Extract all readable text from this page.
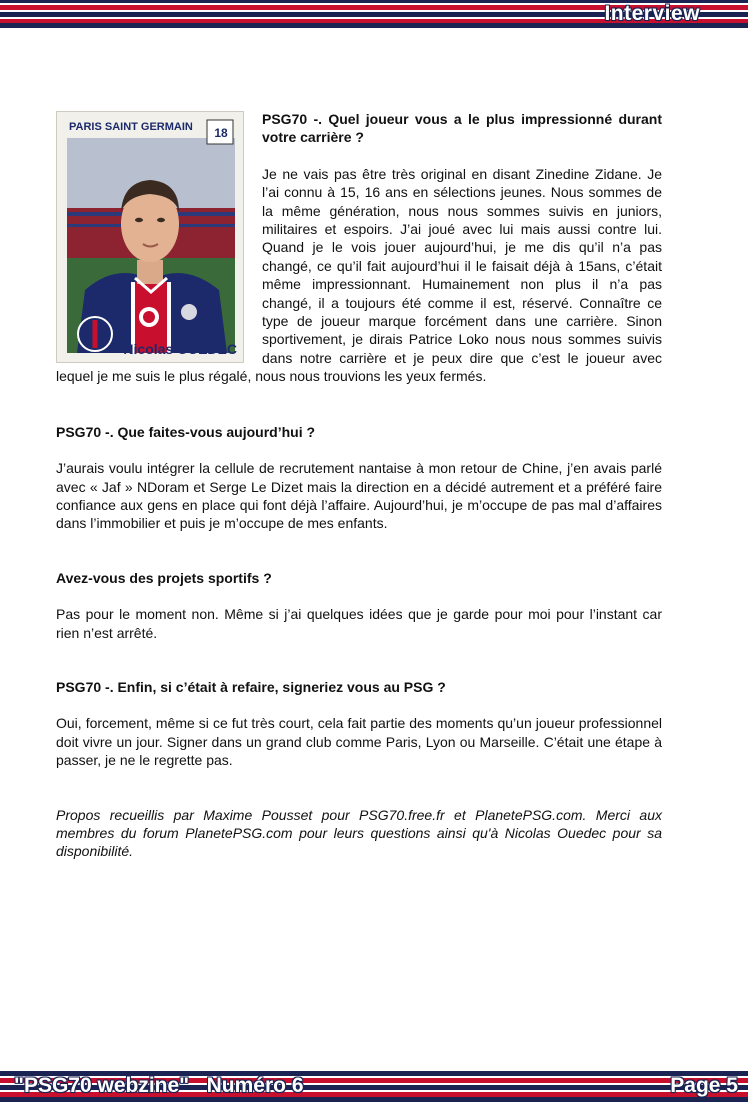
Interview
PARIS SAINT GERMAIN	18
Nicolas OUEDEC

PSG70 -. Quel joueur vous a le plus impressionné durant votre carrière ?

Je ne vais pas être très original en disant Zinedine Zidane. Je l’ai connu à 15, 16 ans en sélections jeunes. Nous sommes de la même génération, nous nous sommes suivis en juniors, militaires et espoirs. J’ai joué avec lui mais aussi contre lui. Quand je le vois jouer aujourd’hui, je me dis qu’il n’a pas changé, ce qu’il fait aujourd’hui il le faisait déjà à 15ans, c’était même impressionnant. Humainement non plus il n’a pas changé, il a toujours été comme il est, réservé. Connaître ce type de joueur marque forcément dans une carrière. Sinon sportivement, je dirais Patrice Loko nous nous sommes suivis dans notre carrière et je peux dire que c’est le joueur avec lequel je me suis le plus régalé, nous nous trouvions les yeux fermés.

PSG70 -. Que faites-vous aujourd’hui ?

J’aurais voulu intégrer la cellule de recrutement nantaise à mon retour de Chine, j’en avais parlé avec « Jaf » NDoram et Serge Le Dizet mais la direction en a décidé autrement et a préféré faire confiance aux gens en place qui font déjà l’affaire. Aujourd’hui, je m’occupe de pas mal d’affaires dans l’immobilier et puis je m’occupe de mes enfants.

Avez-vous des projets sportifs ?

Pas pour le moment non. Même si j’ai quelques idées que je garde pour moi pour l’instant car rien n’est arrêté.

PSG70 -. Enfin, si c’était à refaire, signeriez vous au PSG ?

Oui, forcement, même si ce fut très court, cela fait partie des moments qu’un joueur professionnel doit vivre un jour. Signer dans un grand club comme Paris, Lyon ou Marseille. C’était une étape à passer, je ne le regrette pas.

Propos recueillis par Maxime Pousset pour PSG70.free.fr et PlanetePSG.com. Merci aux membres du forum PlanetePSG.com pour leurs questions ainsi qu'à Nicolas Ouedec pour sa disponibilité.

"PSG70 webzine"   Numéro 6	Page 5
